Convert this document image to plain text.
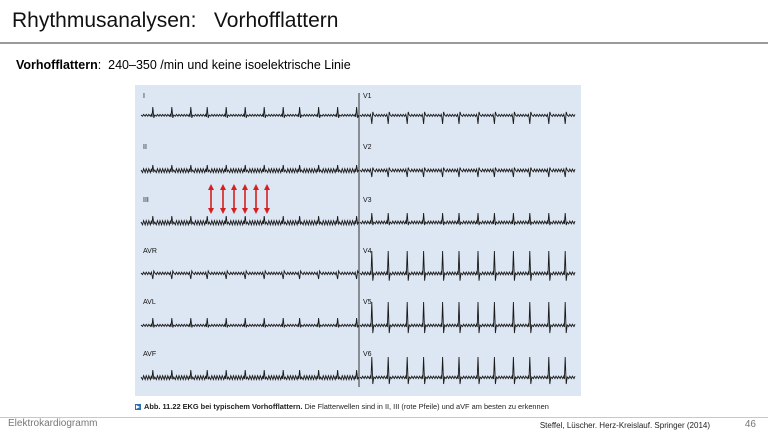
Rhythmusanalysen:   Vorhofflattern
Vorhofflattern:  240–350 /min und keine isoelektrische Linie
I	V1
II	V2
III	V3
AVR	V4
AVL	V5
AVF	V6
Abb. 11.22 EKG bei typischem Vorhofflattern. Die Flatterwellen sind in II, III (rote Pfeile) und aVF am besten zu erkennen
Elektrokardiogramm	Steffel, Lüscher. Herz-Kreislauf. Springer (2014)	46
